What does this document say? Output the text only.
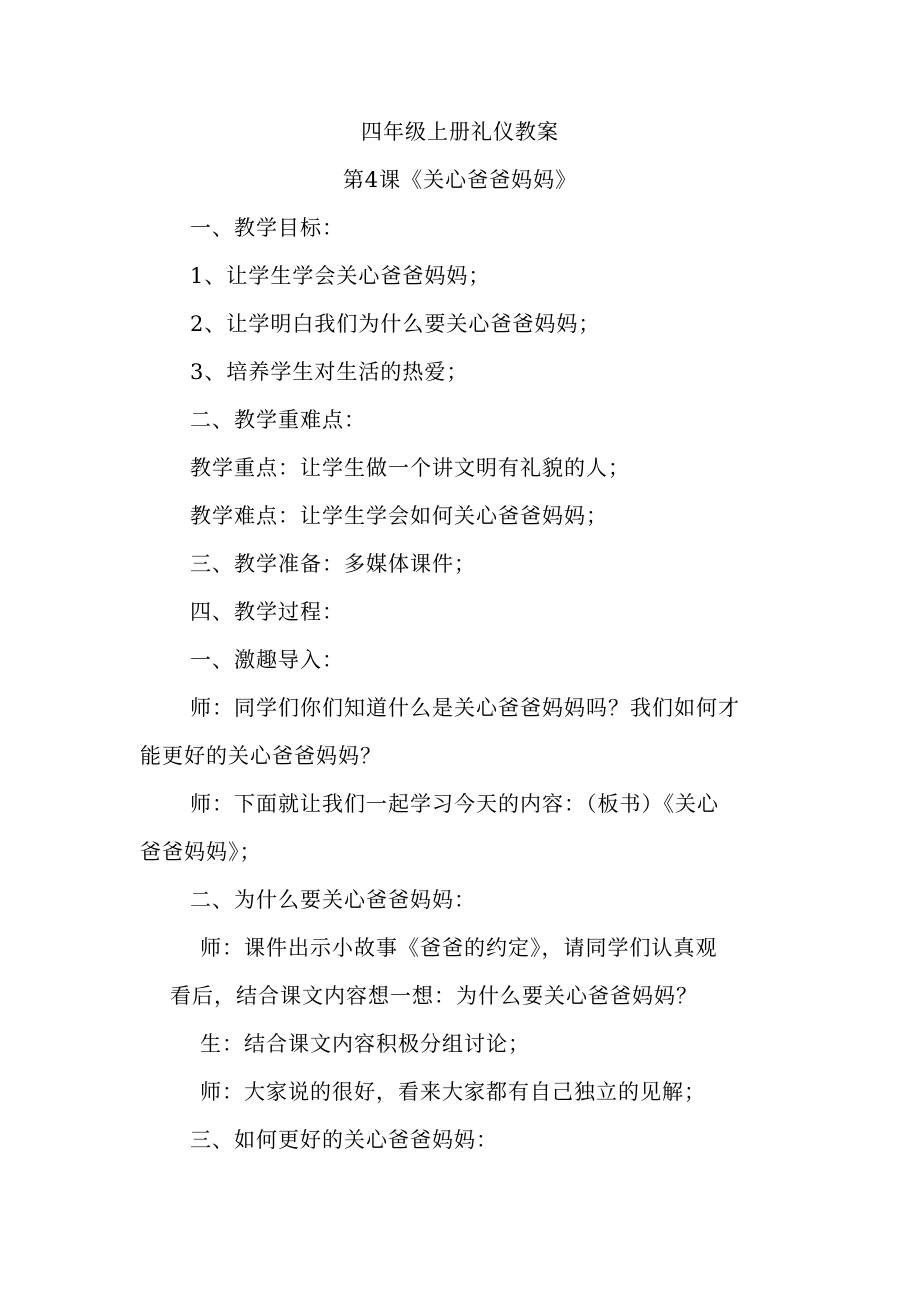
四年级上册礼仪教案
第4课《关心爸爸妈妈》
一、教学目标：
1、让学生学会关心爸爸妈妈；
2、让学明白我们为什么要关心爸爸妈妈；
3、培养学生对生活的热爱；
二、教学重难点：
教学重点：让学生做一个讲文明有礼貌的人；
教学难点：让学生学会如何关心爸爸妈妈；
三、教学准备：多媒体课件；
四、教学过程：
一、激趣导入：
师：同学们你们知道什么是关心爸爸妈妈吗？我们如何才
能更好的关心爸爸妈妈？
师：下面就让我们一起学习今天的内容：（板书）《关心
爸爸妈妈》；
二、为什么要关心爸爸妈妈：
师：课件出示小故事《爸爸的约定》，请同学们认真观
看后，结合课文内容想一想：为什么要关心爸爸妈妈？
生：结合课文内容积极分组讨论；
师：大家说的很好，看来大家都有自己独立的见解；
三、如何更好的关心爸爸妈妈：
